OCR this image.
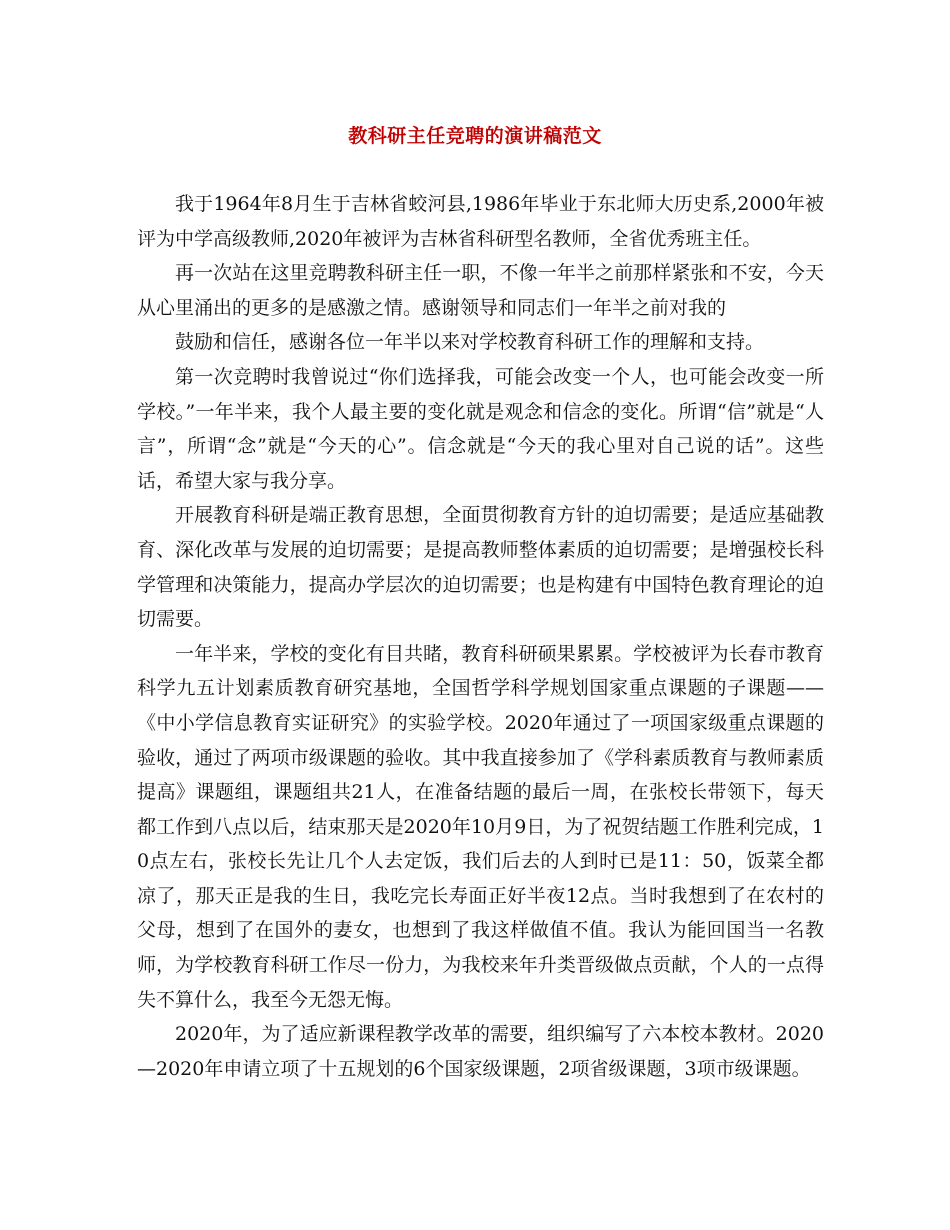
教科研主任竞聘的演讲稿范文

我于1964年8月生于吉林省蛟河县,1986年毕业于东北师大历史系,2000年被评为中学高级教师,2020年被评为吉林省科研型名教师，全省优秀班主任。

再一次站在这里竞聘教科研主任一职，不像一年半之前那样紧张和不安，今天从心里涌出的更多的是感激之情。感谢领导和同志们一年半之前对我的

鼓励和信任，感谢各位一年半以来对学校教育科研工作的理解和支持。

第一次竞聘时我曾说过“你们选择我，可能会改变一个人，也可能会改变一所学校。”一年半来，我个人最主要的变化就是观念和信念的变化。所谓“信”就是“人言”，所谓“念”就是“今天的心”。信念就是“今天的我心里对自己说的话”。这些话，希望大家与我分享。

开展教育科研是端正教育思想，全面贯彻教育方针的迫切需要；是适应基础教育、深化改革与发展的迫切需要；是提高教师整体素质的迫切需要；是增强校长科学管理和决策能力，提高办学层次的迫切需要；也是构建有中国特色教育理论的迫切需要。

一年半来，学校的变化有目共睹，教育科研硕果累累。学校被评为长春市教育科学九五计划素质教育研究基地，全国哲学科学规划国家重点课题的子课题——《中小学信息教育实证研究》的实验学校。2020年通过了一项国家级重点课题的验收，通过了两项市级课题的验收。其中我直接参加了《学科素质教育与教师素质提高》课题组，课题组共21人，在准备结题的最后一周，在张校长带领下，每天都工作到八点以后，结束那天是2020年10月9日，为了祝贺结题工作胜利完成，10点左右，张校长先让几个人去定饭，我们后去的人到时已是11：50，饭菜全都凉了，那天正是我的生日，我吃完长寿面正好半夜12点。当时我想到了在农村的父母，想到了在国外的妻女，也想到了我这样做值不值。我认为能回国当一名教师，为学校教育科研工作尽一份力，为我校来年升类晋级做点贡献，个人的一点得失不算什么，我至今无怨无悔。

2020年，为了适应新课程教学改革的需要，组织编写了六本校本教材。2020—2020年申请立项了十五规划的6个国家级课题，2项省级课题，3项市级课题。
